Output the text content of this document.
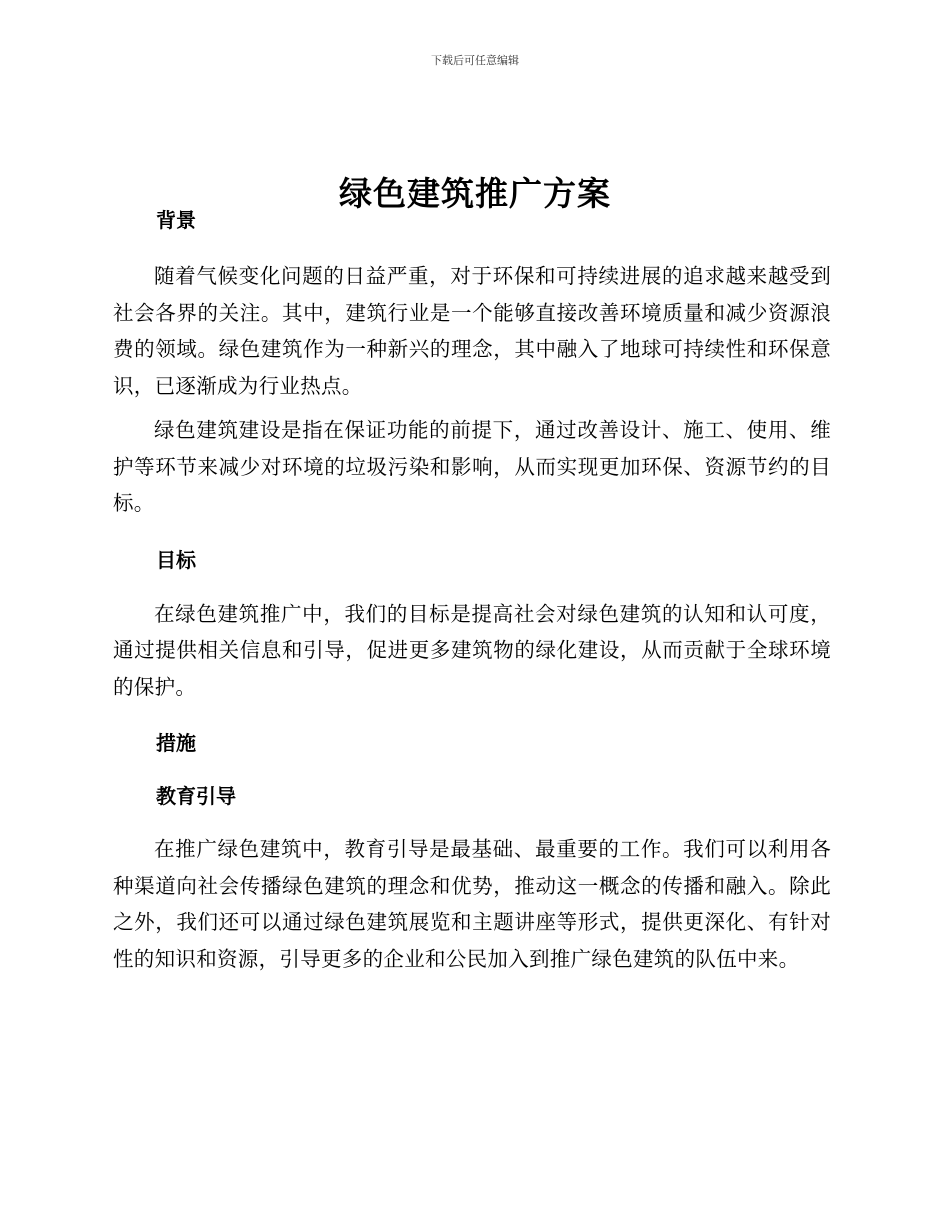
下载后可任意编辑
绿色建筑推广方案
背景

随着气候变化问题的日益严重，对于环保和可持续进展的追求越来越受到社会各界的关注。其中，建筑行业是一个能够直接改善环境质量和减少资源浪费的领域。绿色建筑作为一种新兴的理念，其中融入了地球可持续性和环保意识，已逐渐成为行业热点。

绿色建筑建设是指在保证功能的前提下，通过改善设计、施工、使用、维护等环节来减少对环境的垃圾污染和影响，从而实现更加环保、资源节约的目标。

目标

在绿色建筑推广中，我们的目标是提高社会对绿色建筑的认知和认可度，通过提供相关信息和引导，促进更多建筑物的绿化建设，从而贡献于全球环境的保护。

措施
教育引导

在推广绿色建筑中，教育引导是最基础、最重要的工作。我们可以利用各种渠道向社会传播绿色建筑的理念和优势，推动这一概念的传播和融入。除此之外，我们还可以通过绿色建筑展览和主题讲座等形式，提供更深化、有针对性的知识和资源，引导更多的企业和公民加入到推广绿色建筑的队伍中来。
